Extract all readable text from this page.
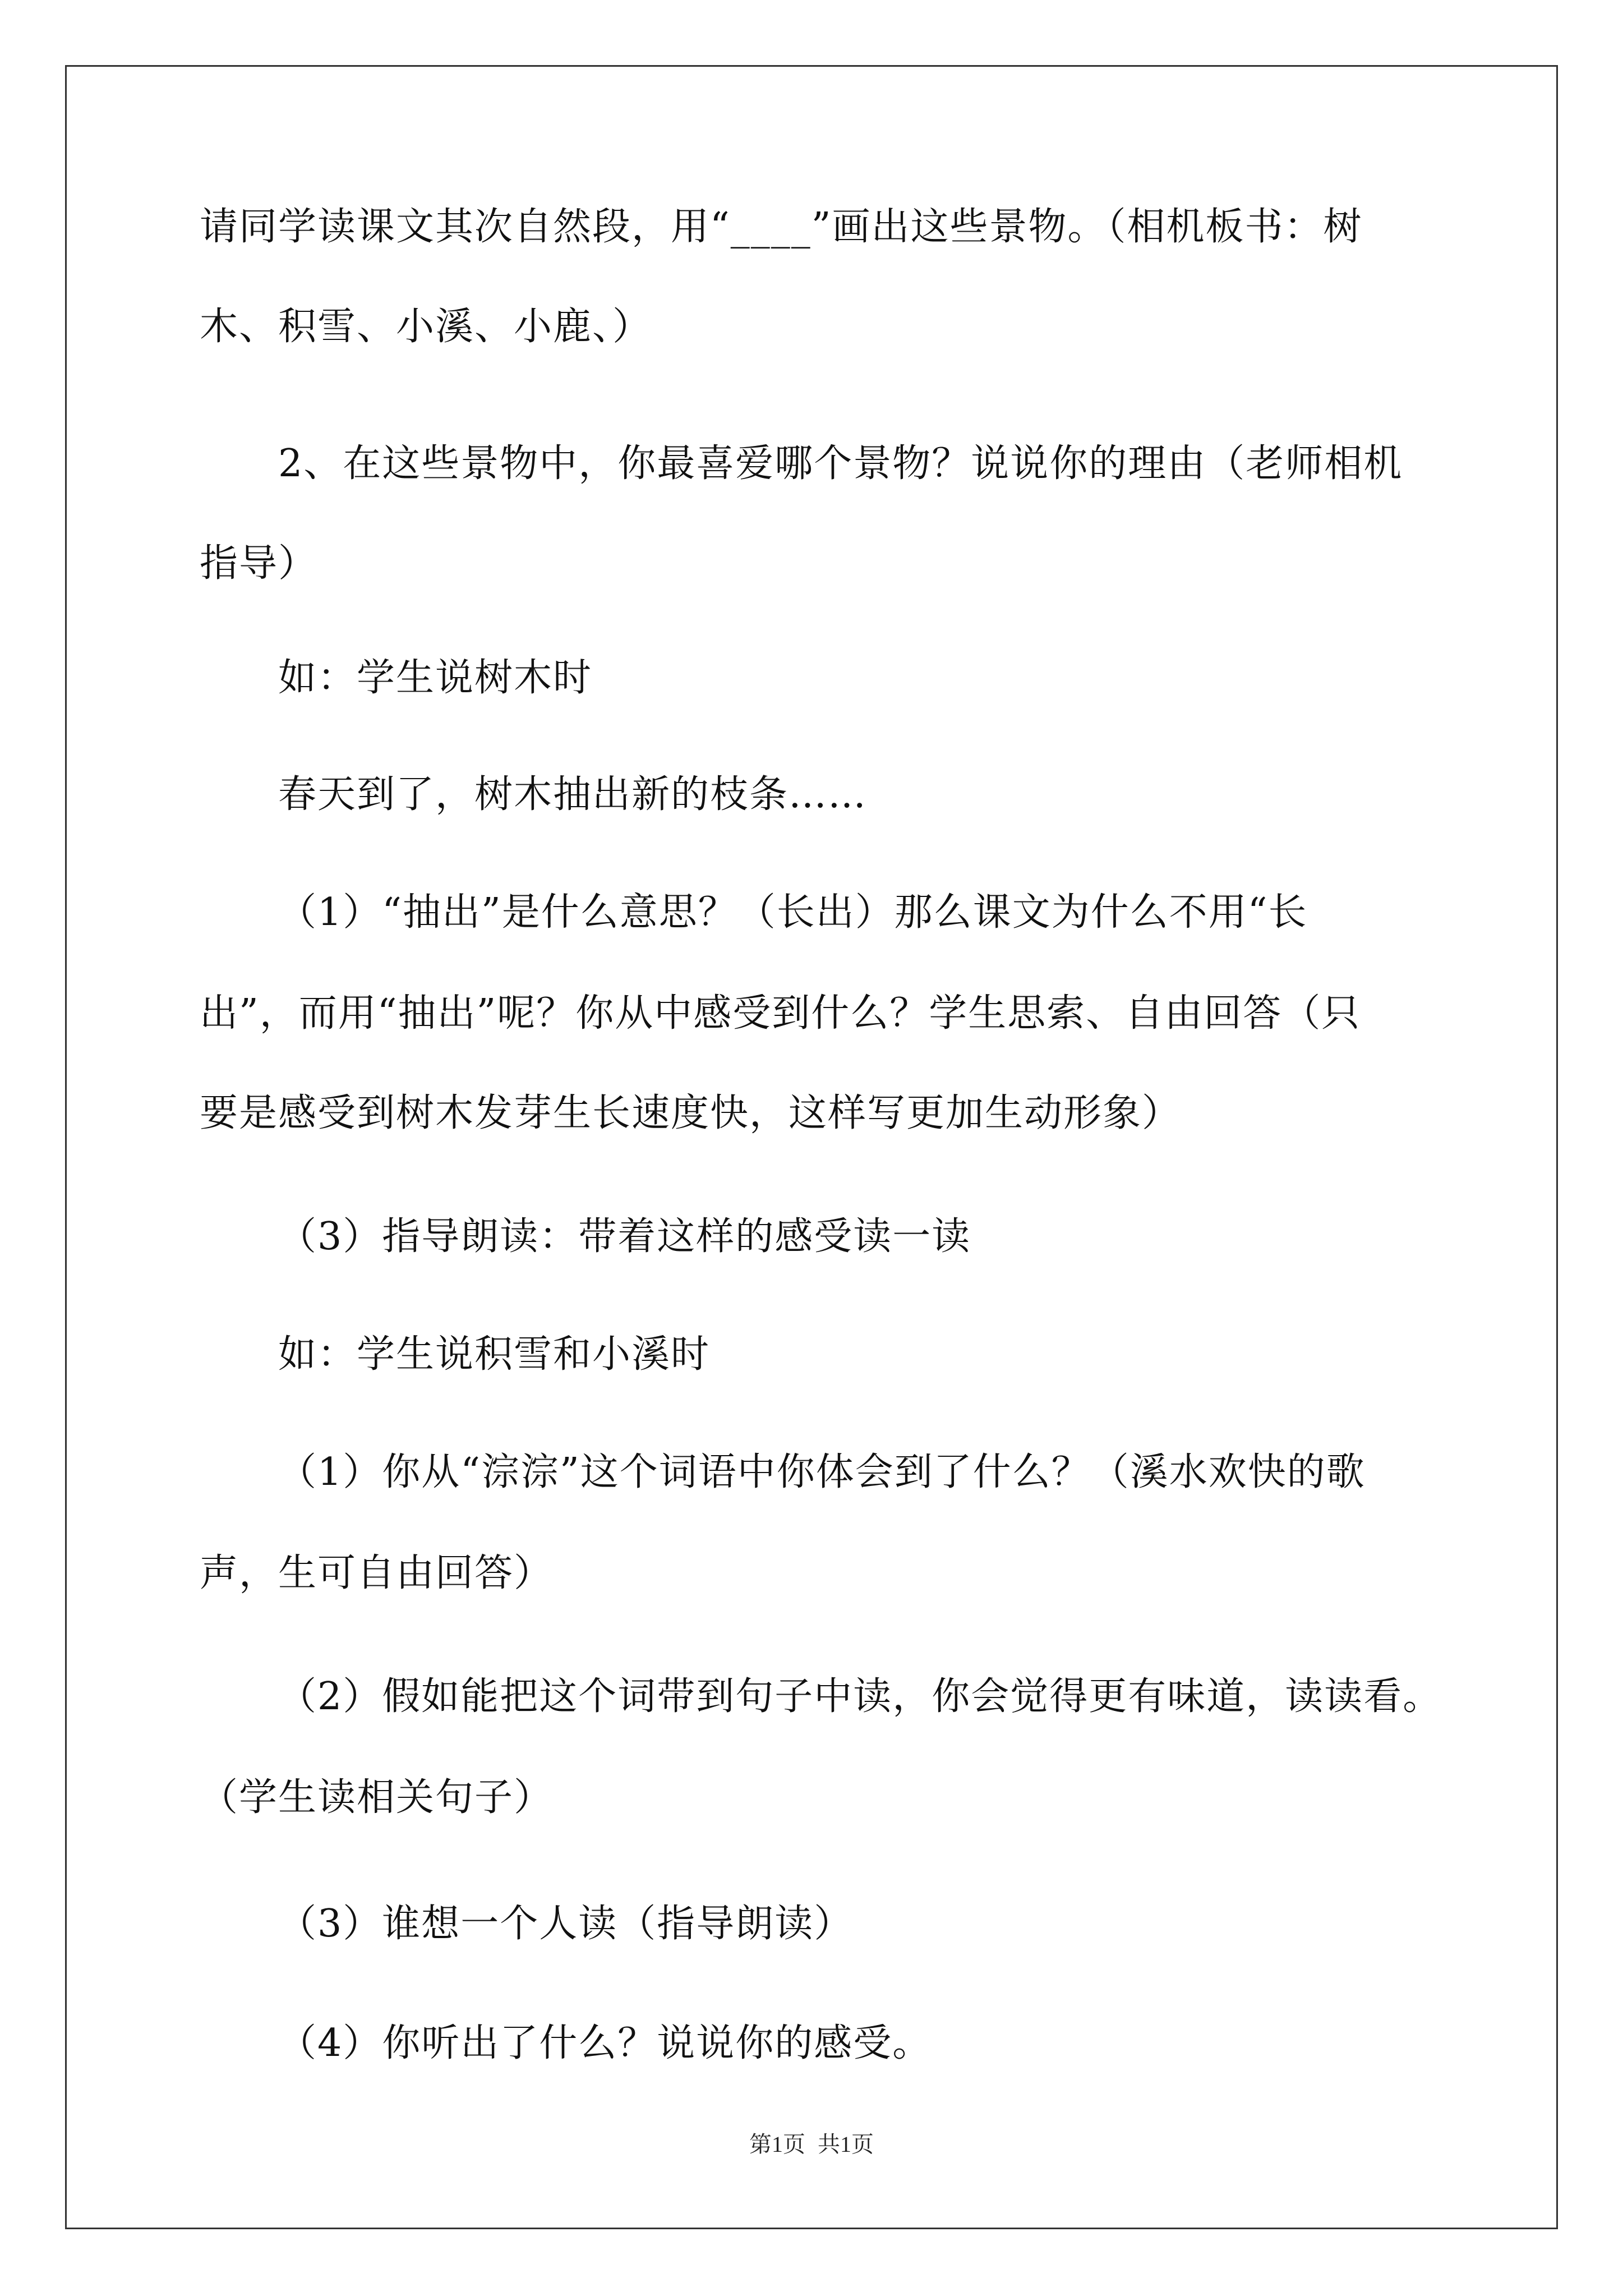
请同学读课文其次自然段，用“____”画出这些景物。（相机板书：树
木、积雪、小溪、小鹿、）
2、在这些景物中，你最喜爱哪个景物？说说你的理由（老师相机
指导）
如：学生说树木时
春天到了，树木抽出新的枝条……
（1）“抽出”是什么意思？（长出）那么课文为什么不用“长
出”，而用“抽出”呢？你从中感受到什么？学生思索、自由回答（只
要是感受到树木发芽生长速度快，这样写更加生动形象）
（3）指导朗读：带着这样的感受读一读
如：学生说积雪和小溪时
（1）你从“淙淙”这个词语中你体会到了什么？（溪水欢快的歌
声，生可自由回答）
（2）假如能把这个词带到句子中读，你会觉得更有味道，读读看。
（学生读相关句子）
（3）谁想一个人读（指导朗读）
（4）你听出了什么？说说你的感受。
第1页 共1页
